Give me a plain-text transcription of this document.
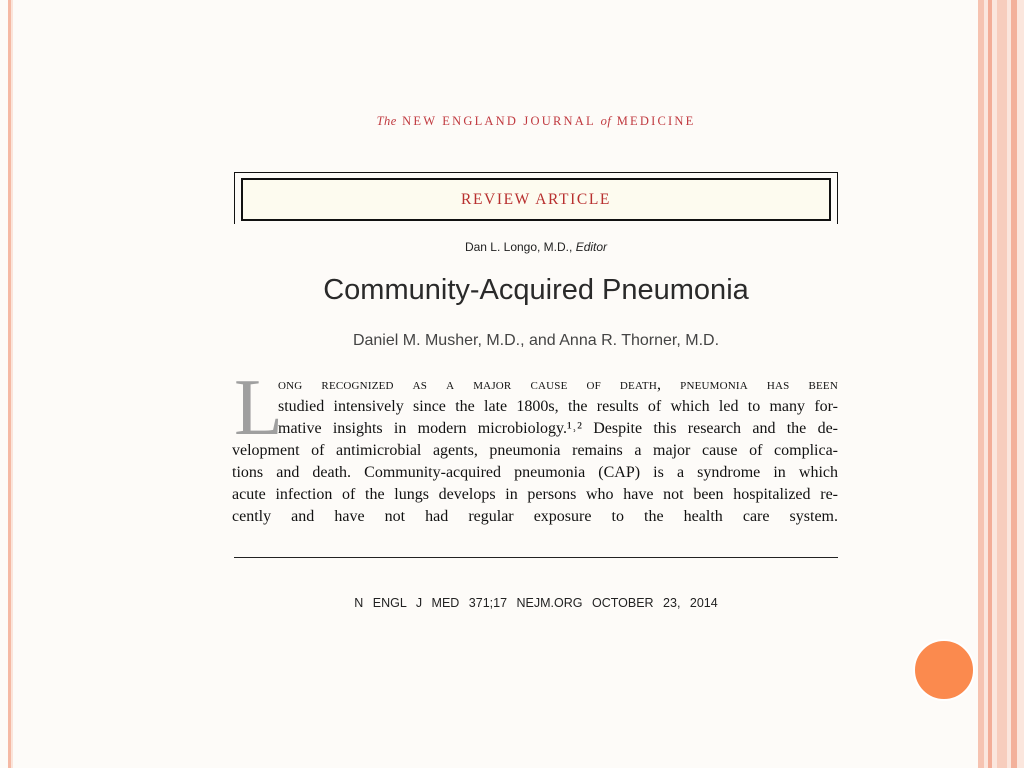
The NEW ENGLAND JOURNAL of MEDICINE
REVIEW ARTICLE
Dan L. Longo, M.D., Editor
Community-Acquired Pneumonia
Daniel M. Musher, M.D., and Anna R. Thorner, M.D.
L
ong recognized as a major cause of death, pneumonia has been
studied intensively since the late 1800s, the results of which led to many for-
mative insights in modern microbiology.¹˒² Despite this research and the de-
velopment of antimicrobial agents, pneumonia remains a major cause of complica-
tions and death. Community-acquired pneumonia (CAP) is a syndrome in which
acute infection of the lungs develops in persons who have not been hospitalized re-
cently and have not had regular exposure to the health care system.
N ENGL J MED 371;17 NEJM.ORG OCTOBER 23, 2014
